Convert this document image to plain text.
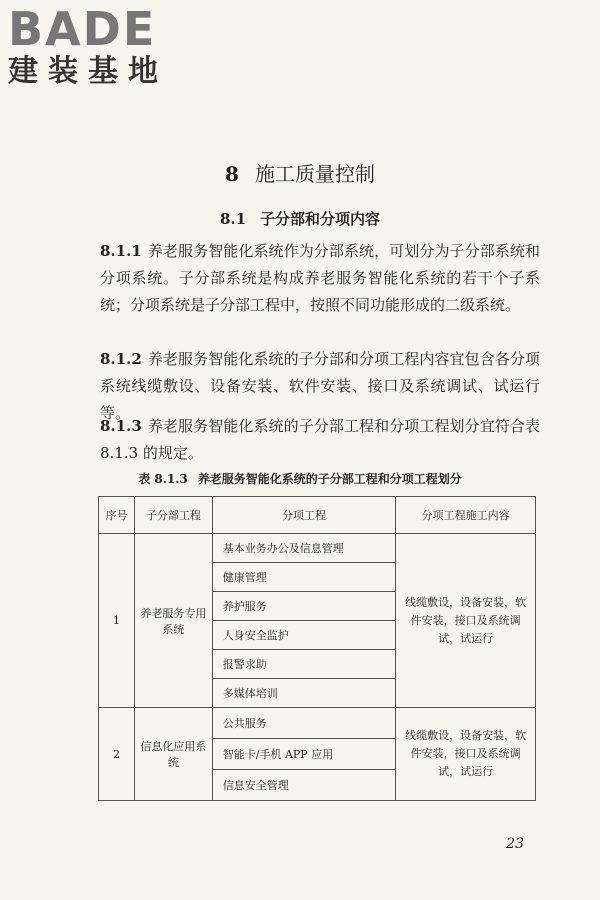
BADE
建装基地
8 施工质量控制
8.1 子分部和分项内容

8.1.1 养老服务智能化系统作为分部系统，可划分为子分部系统和分项系统。子分部系统是构成养老服务智能化系统的若干个子系统；分项系统是子分部工程中，按照不同功能形成的二级系统。

8.1.2 养老服务智能化系统的子分部和分项工程内容宜包含各分项系统线缆敷设、设备安装、软件安装、接口及系统调试、试运行等。

8.1.3 养老服务智能化系统的子分部工程和分项工程划分宜符合表 8.1.3 的规定。

表 8.1.3 养老服务智能化系统的子分部工程和分项工程划分
序号	子分部工程	分项工程	分项工程施工内容
1	养老服务专用系统	基本业务办公及信息管理	线缆敷设，设备安装，软件安装，接口及系统调试，试运行
		健康管理	
		养护服务	
		人身安全监护	
		报警求助	
		多媒体培训	
2	信息化应用系统	公共服务	线缆敷设，设备安装，软件安装，接口及系统调试，试运行
		智能卡/手机 APP 应用	
		信息安全管理	
23
